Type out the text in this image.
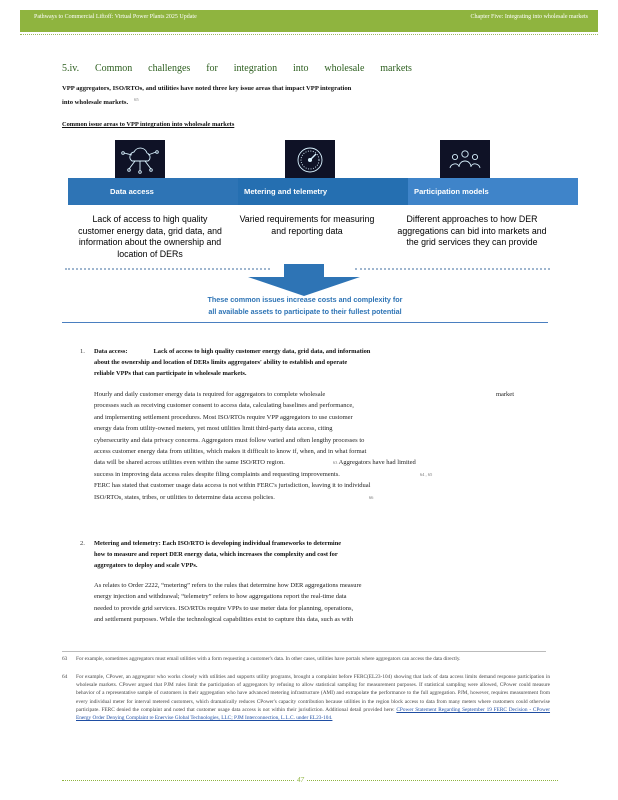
Pathways to Commercial Liftoff: Virtual Power Plants 2025 Update	Chapter Five: Integrating into wholesale markets
5.iv. Common challenges for integration into wholesale markets
VPP aggregators, ISO/RTOs, and utilities have noted three key issue areas that impact VPP integration
into wholesale markets. $^{65}$
Common issue areas to VPP integration into wholesale markets
Data access	Metering and telemetry	Participation models
Lack of access to high quality customer energy data, grid data, and information about the ownership and location of DERs
Varied requirements for measuring and reporting data
Different approaches to how DER aggregations can bid into markets and the grid services they can provide
These common issues increase costs and complexity for
all available assets to participate to their fullest potential
1. Data access:	Lack of access to high quality customer energy data, grid data, and information
about the ownership and location of DERs limits aggregators' ability to establish and operate
reliable VPPs that can participate in wholesale markets.
Hourly and daily customer energy data is required for aggregators to complete wholesale	market
processes such as receiving customer consent to access data, calculating baselines and performance,
and implementing settlement procedures. Most ISO/RTOs require VPP aggregators to use customer
energy data from utility-owned meters, yet most utilities limit third-party data access, citing
cybersecurity and data privacy concerns. Aggregators must follow varied and often lengthy processes to
access customer energy data from utilities, which makes it difficult to know if, when, and in what format
data will be shared across utilities even within the same ISO/RTO region.	63 Aggregators have had limited
success in improving data access rules despite filing complaints and requesting improvements.	64 , 65
FERC has stated that customer usage data access is not within FERC's jurisdiction, leaving it to individual
ISO/RTOs, states, tribes, or utilities to determine data access policies.	66
2. Metering and telemetry: Each ISO/RTO is developing individual frameworks to determine
how to measure and report DER energy data, which increases the complexity and cost for
aggregators to deploy and scale VPPs.
As relates to Order 2222, “metering” refers to the rules that determine how DER aggregations measure
energy injection and withdrawal; “telemetry” refers to how aggregations report the real-time data
needed to provide grid services. ISO/RTOs require VPPs to use meter data for planning, operations,
and settlement purposes. While the technological capabilities exist to capture this data, such as with
63 For example, sometimes aggregators must email utilities with a form requesting a customer's data. In other cases, utilities have portals where aggregators can access the data directly.
64 For example, CPower, an aggregator who works closely with utilities and supports utility programs, brought a complaint before FERC(EL23-104) showing that lack of data access limits demand response participation in wholesale markets. CPower argued that PJM rules limit the participation of aggregators by refusing to allow statistical sampling for measurement purposes. If statistical sampling were allowed, CPower could measure behavior of a representative sample of customers in their aggregation who have advanced metering infrastructure (AMI) and extrapolate the performance to the full aggregation. PJM, however, requires measurement from every individual meter for interval metered customers, which dramatically reduces CPower's capacity contribution because utilities in the region block access to data from many meters where customers could otherwise participate. FERC denied the complaint and noted that customer usage data access is not within their jurisdiction. Additional detail provided here: CPower Statement Regarding September 19 FERC Decision - CPower Energy Order Denying Complaint re Enervise Global Technologies, LLC; PJM Interconnection, L.L.C. under EL23-104.
47
